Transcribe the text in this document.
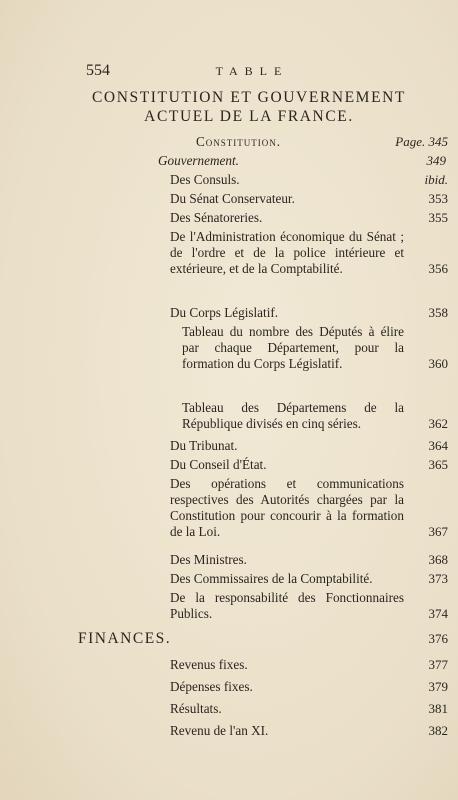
554	TABLE
CONSTITUTION ET GOUVERNEMENT ACTUEL DE LA FRANCE.
Constitution.	Page. 345
Gouvernement.	349
Des Consuls.	ibid.
Du Sénat Conservateur.	353
Des Sénatoreries.	355
De l'Administration économique du Sénat ; de l'ordre et de la police intérieure et extérieure, et de la Comptabilité.	356
Du Corps Législatif.	358
Tableau du nombre des Députés à élire par chaque Département, pour la formation du Corps Législatif.	360
Tableau des Départemens de la République divisés en cinq séries.	362
Du Tribunat.	364
Du Conseil d'État.	365
Des opérations et communications respectives des Autorités chargées par la Constitution pour concourir à la formation de la Loi.	367
Des Ministres.	368
Des Commissaires de la Comptabilité.	373
De la responsabilité des Fonctionnaires Publics.	374
FINANCES.	376
Revenus fixes.	377
Dépenses fixes.	379
Résultats.	381
Revenu de l'an XI.	382
